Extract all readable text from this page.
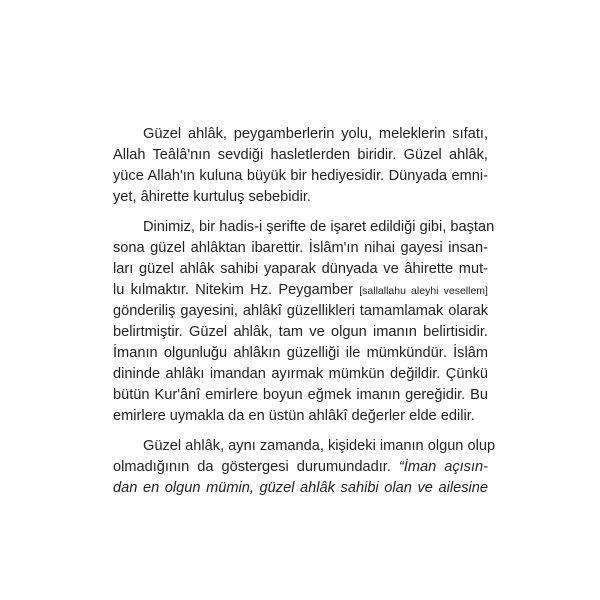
Güzel ahlâk, peygamberlerin yolu, meleklerin sıfatı,
Allah Teâlâ'nın sevdiği hasletlerden biridir. Güzel ahlâk,
yüce Allah'ın kuluna büyük bir hediyesidir. Dünyada emni-
yet, âhirette kurtuluş sebebidir.
Dinimiz, bir hadis-i şerifte de işaret edildiği gibi, baştan
sona güzel ahlâktan ibarettir. İslâm'ın nihai gayesi insan-
ları güzel ahlâk sahibi yaparak dünyada ve âhirette mut-
lu kılmaktır. Nitekim Hz. Peygamber [sallallahu aleyhi vesellem]
gönderiliş gayesini, ahlâkî güzellikleri tamamlamak olarak
belirtmiştir. Güzel ahlâk, tam ve olgun imanın belirtisidir.
İmanın olgunluğu ahlâkın güzelliği ile mümkündür. İslâm
dininde ahlâkı imandan ayırmak mümkün değildir. Çünkü
bütün Kur'ânî emirlere boyun eğmek imanın gereğidir. Bu
emirlere uymakla da en üstün ahlâkî değerler elde edilir.
Güzel ahlâk, aynı zamanda, kişideki imanın olgun olup
olmadığının da göstergesi durumundadır. “İman açısın-
dan en olgun mümin, güzel ahlâk sahibi olan ve ailesine
